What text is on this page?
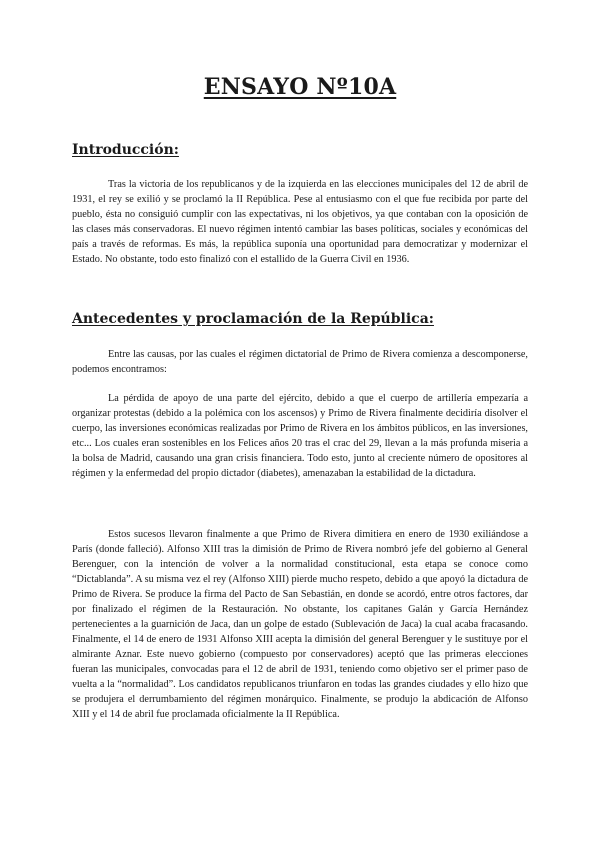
ENSAYO Nº10A
Introducción:

Tras la victoria de los republicanos y de la izquierda en las elecciones municipales del 12 de abril de 1931, el rey se exilió y se proclamó la II República. Pese al entusiasmo con el que fue recibida por parte del pueblo, ésta no consiguió cumplir con las expectativas, ni los objetivos, ya que contaban con la oposición de las clases más conservadoras. El nuevo régimen intentó cambiar las bases políticas, sociales y económicas del país a través de reformas. Es más, la república suponía una oportunidad para democratizar y modernizar el Estado. No obstante, todo esto finalizó con el estallido de la Guerra Civil en 1936.

Antecedentes y proclamación de la República:

Entre las causas, por las cuales el régimen dictatorial de Primo de Rivera comienza a descomponerse, podemos encontramos:

La pérdida de apoyo de una parte del ejército, debido a que el cuerpo de artillería empezaría a organizar protestas (debido a la polémica con los ascensos) y Primo de Rivera finalmente decidiría disolver el cuerpo, las inversiones económicas realizadas por Primo de Rivera en los ámbitos públicos, en las inversiones, etc... Los cuales eran sostenibles en los Felices años 20 tras el crac del 29, llevan a la más profunda miseria a la bolsa de Madrid, causando una gran crisis financiera. Todo esto, junto al creciente número de opositores al régimen y la enfermedad del propio dictador (diabetes), amenazaban la estabilidad de la dictadura.

Estos sucesos llevaron finalmente a que Primo de Rivera dimitiera en enero de 1930 exiliándose a París (donde falleció). Alfonso XIII tras la dimisión de Primo de Rivera nombró jefe del gobierno al General Berenguer, con la intención de volver a la normalidad constitucional, esta etapa se conoce como “Dictablanda”. A su misma vez el rey (Alfonso XIII) pierde mucho respeto, debido a que apoyó la dictadura de Primo de Rivera. Se produce la firma del Pacto de San Sebastián, en donde se acordó, entre otros factores, dar por finalizado el régimen de la Restauración. No obstante, los capitanes Galán y García Hernández pertenecientes a la guarnición de Jaca, dan un golpe de estado (Sublevación de Jaca) la cual acaba fracasando. Finalmente, el 14 de enero de 1931 Alfonso XIII acepta la dimisión del general Berenguer y le sustituye por el almirante Aznar. Este nuevo gobierno (compuesto por conservadores) aceptó que las primeras elecciones fueran las municipales, convocadas para el 12 de abril de 1931, teniendo como objetivo ser el primer paso de vuelta a la “normalidad”. Los candidatos republicanos triunfaron en todas las grandes ciudades y ello hizo que se produjera el derrumbamiento del régimen monárquico. Finalmente, se produjo la abdicación de Alfonso XIII y el 14 de abril fue proclamada oficialmente la II República.
